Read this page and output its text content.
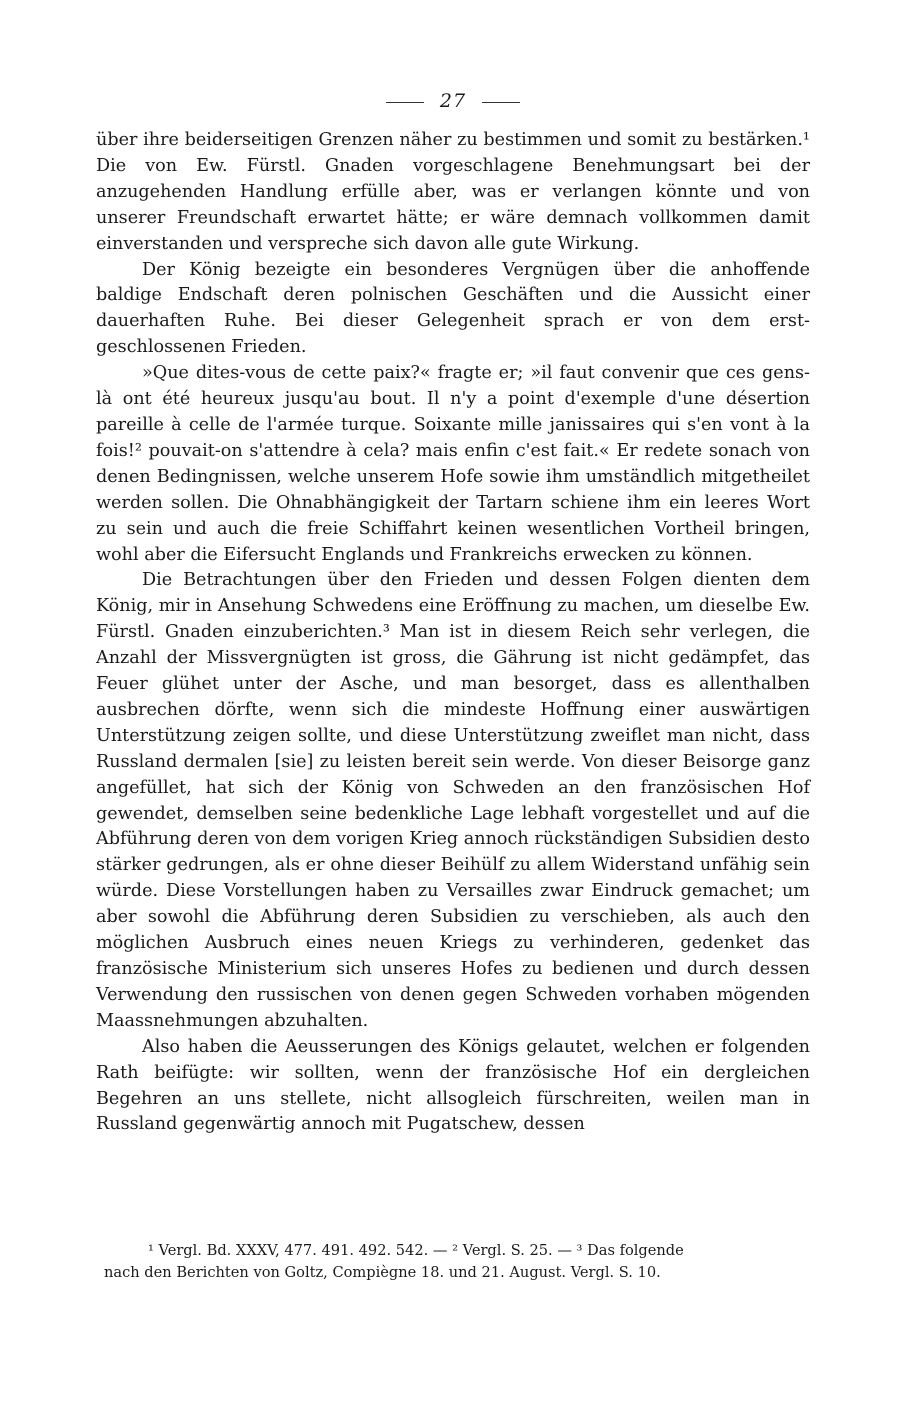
27

über ihre beiderseitigen Grenzen näher zu bestimmen und somit zu bestärken.¹ Die von Ew. Fürstl. Gnaden vorgeschlagene Benehmungsart bei der anzugehenden Handlung erfülle aber, was er verlangen könnte und von unserer Freundschaft erwartet hätte; er wäre demnach vollkommen damit einverstanden und verspreche sich davon alle gute Wirkung.

Der König bezeigte ein besonderes Vergnügen über die anhoffende baldige Endschaft deren polnischen Geschäften und die Aussicht einer dauerhaften Ruhe. Bei dieser Gelegenheit sprach er von dem erstgeschlossenen Frieden.

»Que dites-vous de cette paix?« fragte er; »il faut convenir que ces gens-là ont été heureux jusqu'au bout. Il n'y a point d'exemple d'une désertion pareille à celle de l'armée turque. Soixante mille janissaires qui s'en vont à la fois!² pouvait-on s'attendre à cela? mais enfin c'est fait.« Er redete sonach von denen Bedingnissen, welche unserem Hofe sowie ihm umständlich mitgetheilet werden sollen. Die Ohnabhängigkeit der Tartarn schiene ihm ein leeres Wort zu sein und auch die freie Schiffahrt keinen wesentlichen Vortheil bringen, wohl aber die Eifersucht Englands und Frankreichs erwecken zu können.

Die Betrachtungen über den Frieden und dessen Folgen dienten dem König, mir in Ansehung Schwedens eine Eröffnung zu machen, um dieselbe Ew. Fürstl. Gnaden einzuberichten.³ Man ist in diesem Reich sehr verlegen, die Anzahl der Missvergnügten ist gross, die Gährung ist nicht gedämpfet, das Feuer glühet unter der Asche, und man besorget, dass es allenthalben ausbrechen dörfte, wenn sich die mindeste Hoffnung einer auswärtigen Unterstützung zeigen sollte, und diese Unterstützung zweiflet man nicht, dass Russland dermalen [sie] zu leisten bereit sein werde. Von dieser Beisorge ganz angefüllet, hat sich der König von Schweden an den französischen Hof gewendet, demselben seine bedenkliche Lage lebhaft vorgestellet und auf die Abführung deren von dem vorigen Krieg annoch rückständigen Subsidien desto stärker gedrungen, als er ohne dieser Beihülf zu allem Widerstand unfähig sein würde. Diese Vorstellungen haben zu Versailles zwar Eindruck gemachet; um aber sowohl die Abführung deren Subsidien zu verschieben, als auch den möglichen Ausbruch eines neuen Kriegs zu verhinderen, gedenket das französische Ministerium sich unseres Hofes zu bedienen und durch dessen Verwendung den russischen von denen gegen Schweden vorhaben mögenden Maassnehmungen abzuhalten.

Also haben die Aeusserungen des Königs gelautet, welchen er folgenden Rath beifügte: wir sollten, wenn der französische Hof ein dergleichen Begehren an uns stellete, nicht allsogleich fürschreiten, weilen man in Russland gegenwärtig annoch mit Pugatschew, dessen

¹ Vergl. Bd. XXXV, 477. 491. 492. 542. — ² Vergl. S. 25. — ³ Das folgende

nach den Berichten von Goltz, Compiègne 18. und 21. August. Vergl. S. 10.
